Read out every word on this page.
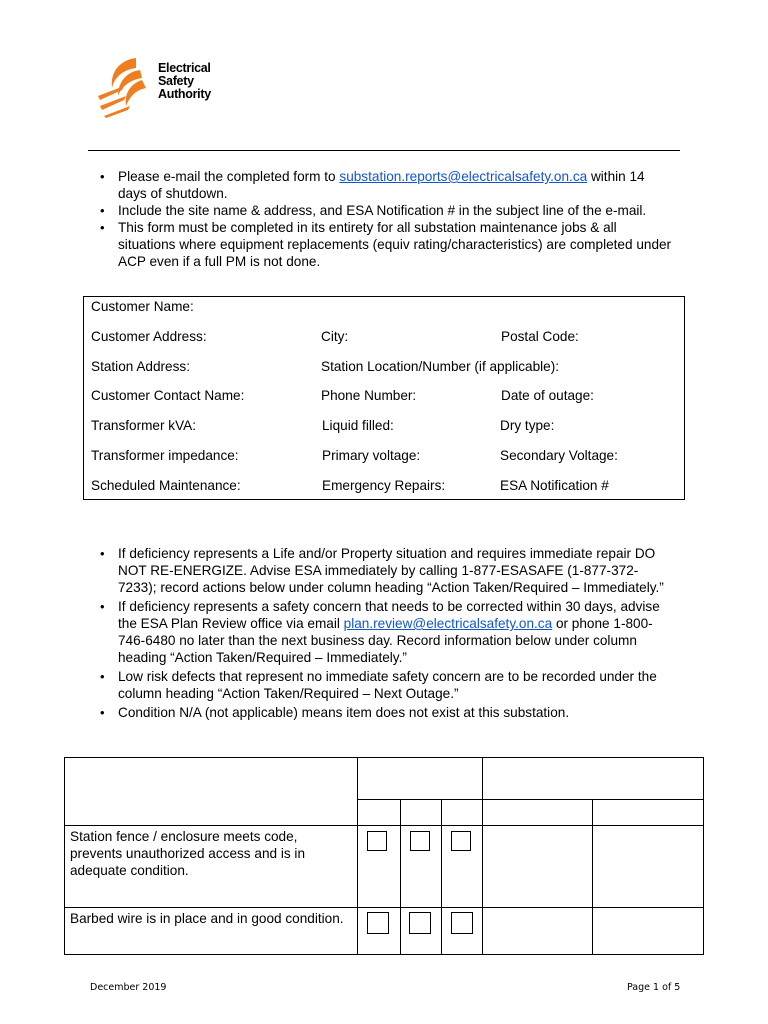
Electrical
Safety
Authority
• Please e-mail the completed form to substation.reports@electricalsafety.on.ca within 14 days of shutdown.
• Include the site name & address, and ESA Notification # in the subject line of the e-mail.
• This form must be completed in its entirety for all substation maintenance jobs & all situations where equipment replacements (equiv rating/characteristics) are completed under ACP even if a full PM is not done.
Customer Name:
Customer Address:	City:	Postal Code:
Station Address:	Station Location/Number (if applicable):
Customer Contact Name:	Phone Number:	Date of outage:
Transformer kVA:	Liquid filled:	Dry type:
Transformer impedance:	Primary voltage:	Secondary Voltage:
Scheduled Maintenance:	Emergency Repairs:	ESA Notification #
• If deficiency represents a Life and/or Property situation and requires immediate repair DO NOT RE-ENERGIZE. Advise ESA immediately by calling 1-877-ESASAFE (1-877-372-7233); record actions below under column heading “Action Taken/Required – Immediately.”
• If deficiency represents a safety concern that needs to be corrected within 30 days, advise the ESA Plan Review office via email plan.review@electricalsafety.on.ca or phone 1-800-746-6480 no later than the next business day. Record information below under column heading “Action Taken/Required – Immediately.”
• Low risk defects that represent no immediate safety concern are to be recorded under the column heading “Action Taken/Required – Next Outage.”
• Condition N/A (not applicable) means item does not exist at this substation.
Station fence / enclosure meets code, prevents unauthorized access and is in adequate condition.
Barbed wire is in place and in good condition.
December 2019	Page 1 of 5
